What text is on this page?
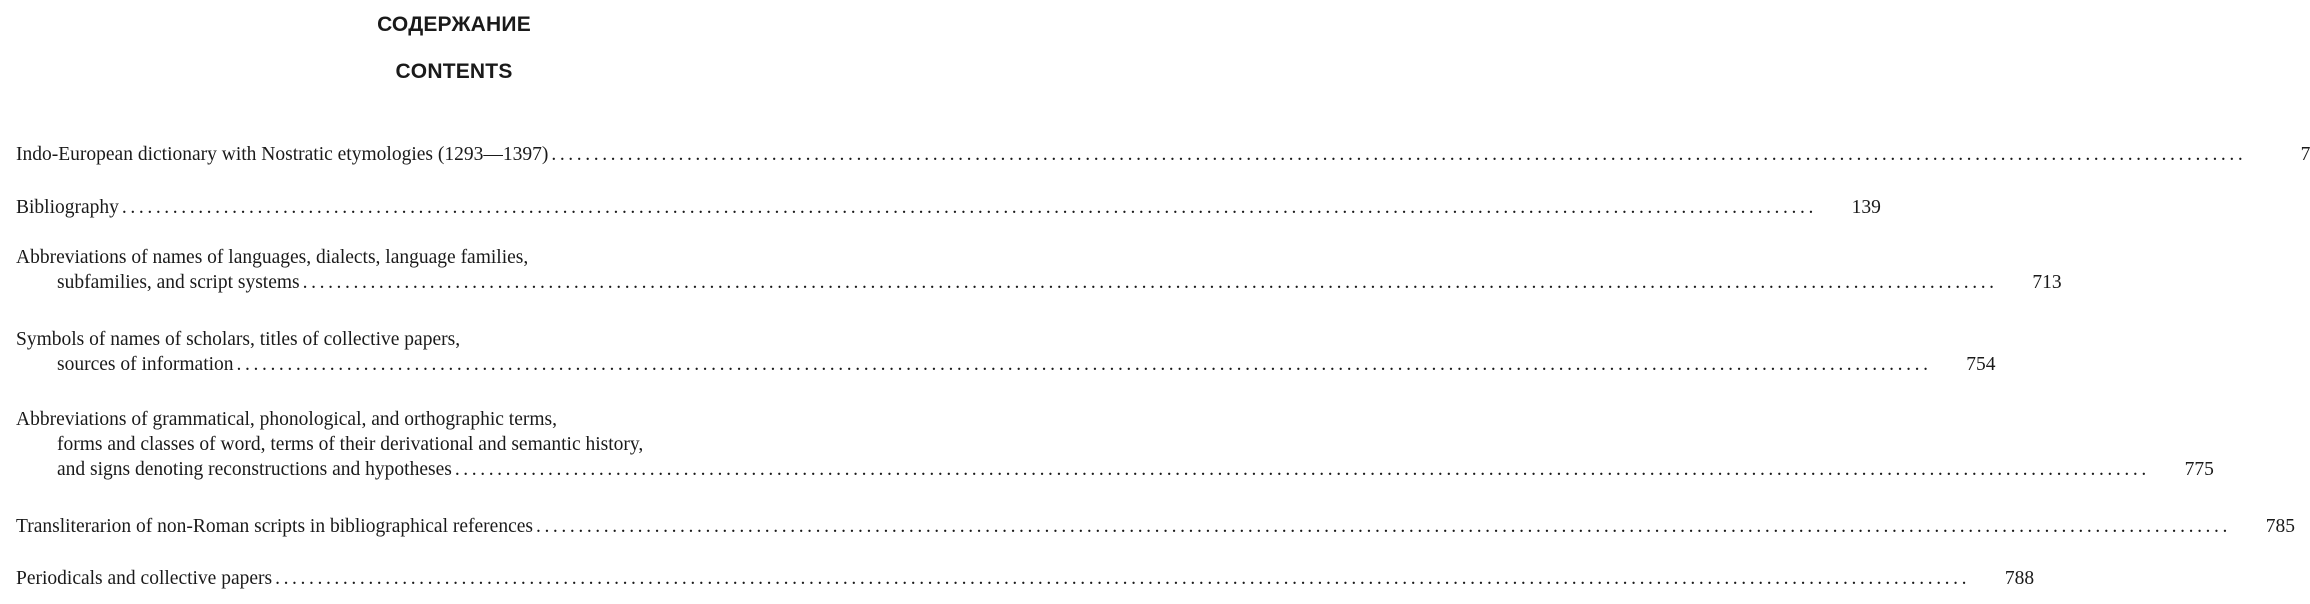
СОДЕРЖАНИЕ
CONTENTS
Indo-European dictionary with Nostratic etymologies (1293—1397) ........................................................................................................................................................................................................	7
Bibliography ........................................................................................................................................................................................................	139
Abbreviations of names of languages, dialects, language families,
subfamilies, and script systems ........................................................................................................................................................................................................	713
Symbols of names of scholars, titles of collective papers,
sources of information ........................................................................................................................................................................................................	754
Abbreviations of grammatical, phonological, and orthographic terms,
forms and classes of word, terms of their derivational and semantic history,
and signs denoting reconstructions and hypotheses ........................................................................................................................................................................................................	775
Transliterarion of non-Roman scripts in bibliographical references ........................................................................................................................................................................................................	785
Periodicals and collective papers ........................................................................................................................................................................................................	788
